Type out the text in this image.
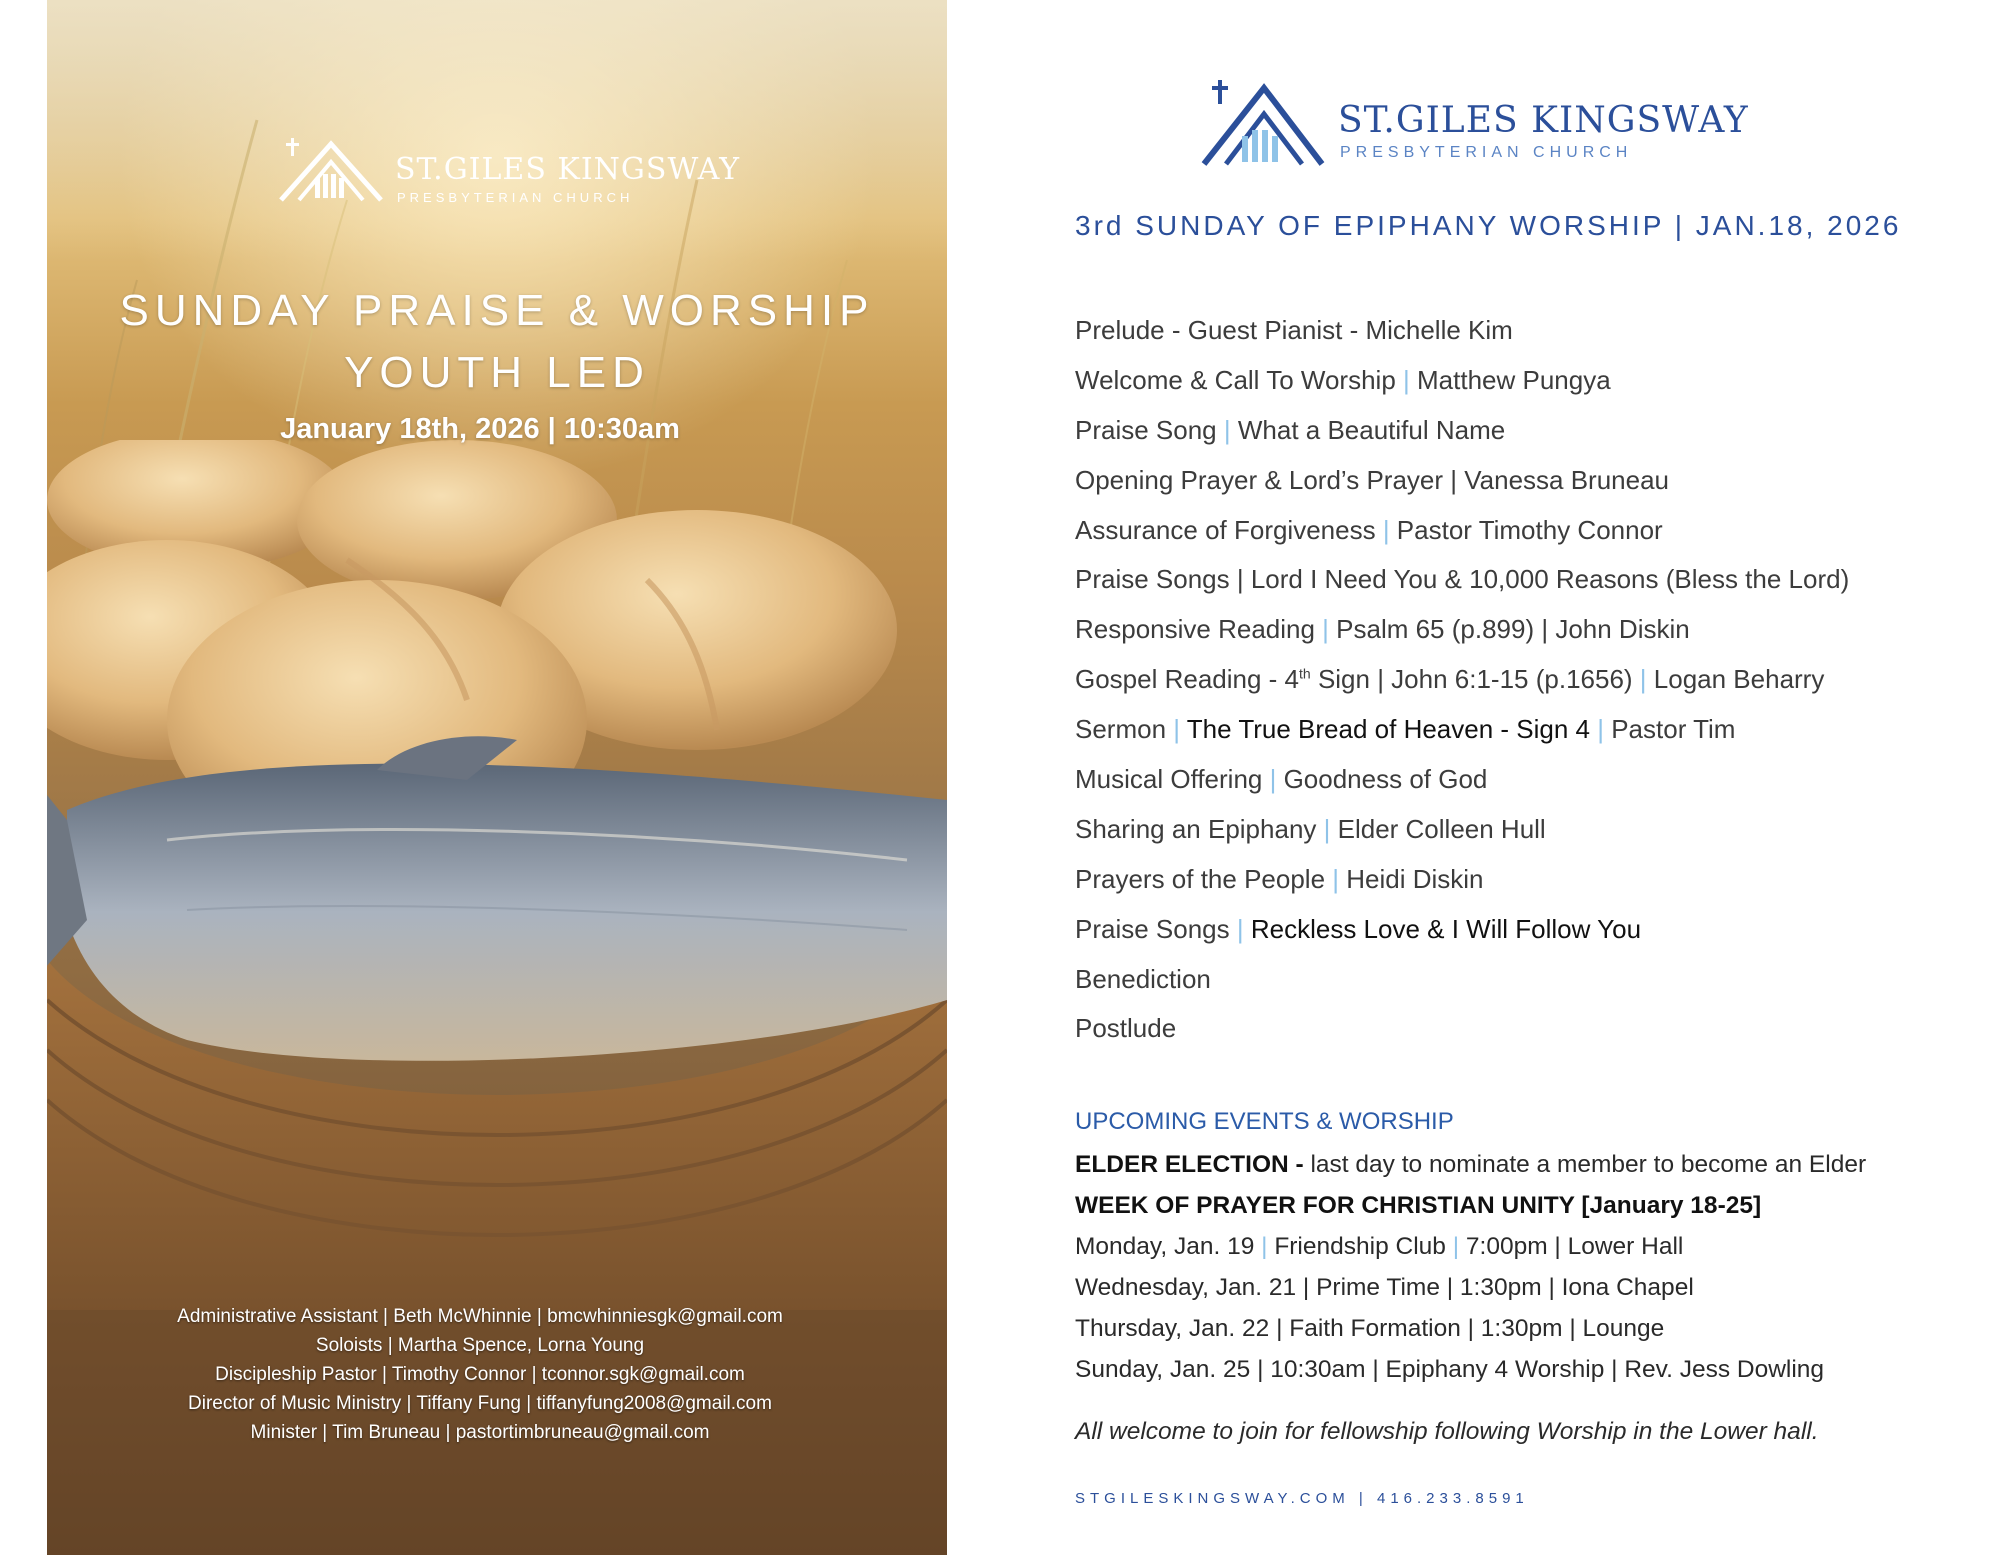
ST.GILES KINGSWAY
PRESBYTERIAN CHURCH
SUNDAY PRAISE & WORSHIP
YOUTH LED
January 18th, 2026 | 10:30am
Administrative Assistant | Beth McWhinnie | bmcwhinniesgk@gmail.com
Soloists | Martha Spence, Lorna Young
Discipleship Pastor | Timothy Connor | tconnor.sgk@gmail.com
Director of Music Ministry | Tiffany Fung | tiffanyfung2008@gmail.com
Minister | Tim Bruneau | pastortimbruneau@gmail.com
ST.GILES KINGSWAY
PRESBYTERIAN CHURCH
3rd SUNDAY OF EPIPHANY WORSHIP | JAN.18, 2026
Prelude - Guest Pianist - Michelle Kim
Welcome & Call To Worship | Matthew Pungya
Praise Song | What a Beautiful Name
Opening Prayer & Lord’s Prayer | Vanessa Bruneau
Assurance of Forgiveness | Pastor Timothy Connor
Praise Songs | Lord I Need You & 10,000 Reasons (Bless the Lord)
Responsive Reading | Psalm 65 (p.899) | John Diskin
Gospel Reading - 4th Sign | John 6:1-15 (p.1656) | Logan Beharry
Sermon | The True Bread of Heaven - Sign 4 | Pastor Tim
Musical Offering | Goodness of God
Sharing an Epiphany | Elder Colleen Hull
Prayers of the People | Heidi Diskin
Praise Songs | Reckless Love & I Will Follow You
Benediction
Postlude
UPCOMING EVENTS & WORSHIP
ELDER ELECTION - last day to nominate a member to become an Elder
WEEK OF PRAYER FOR CHRISTIAN UNITY [January 18-25]
Monday, Jan. 19 | Friendship Club | 7:00pm | Lower Hall
Wednesday, Jan. 21 | Prime Time | 1:30pm | Iona Chapel
Thursday, Jan. 22 | Faith Formation | 1:30pm | Lounge
Sunday, Jan. 25 | 10:30am | Epiphany 4 Worship | Rev. Jess Dowling
All welcome to join for fellowship following Worship in the Lower hall.
STGILESKINGSWAY.COM | 416.233.8591
